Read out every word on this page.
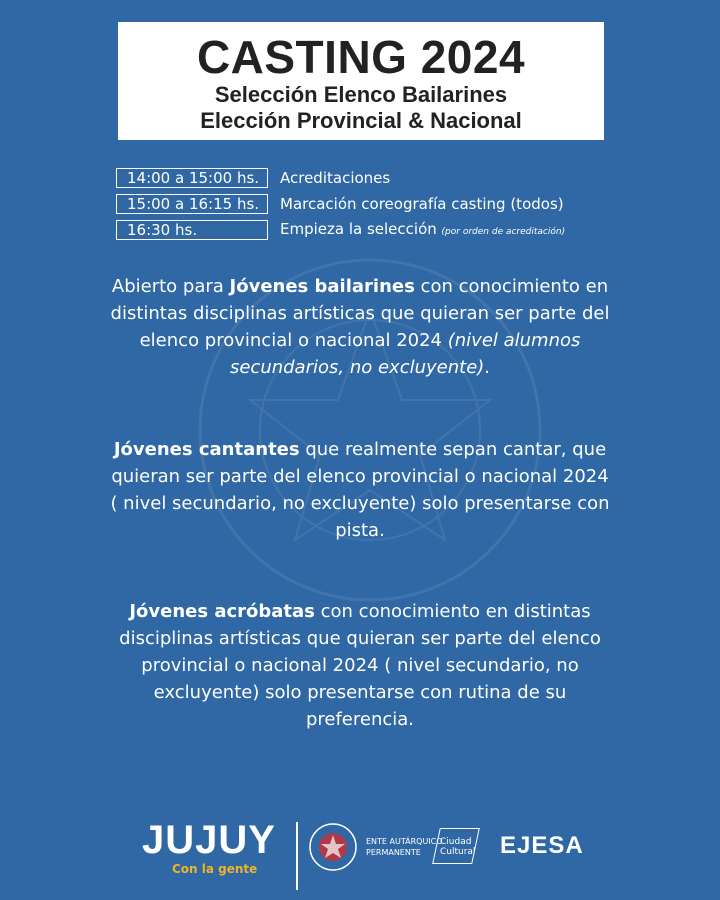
CASTING 2024
Selección Elenco Bailarines
Elección Provincial & Nacional
14:00 a 15:00 hs.	Acreditaciones
15:00 a 16:15 hs.	Marcación coreografía casting (todos)
16:30 hs.	Empieza la selección (por orden de acreditación)
Abierto para Jóvenes bailarines con conocimiento en distintas disciplinas artísticas que quieran ser parte del elenco provincial o nacional 2024 (nivel alumnos secundarios, no excluyente).
Jóvenes cantantes que realmente sepan cantar, que quieran ser parte del elenco provincial o nacional 2024 ( nivel secundario, no excluyente) solo presentarse con pista.
Jóvenes acróbatas con conocimiento en distintas disciplinas artísticas que quieran ser parte del elenco provincial o nacional 2024 ( nivel secundario, no excluyente) solo presentarse con rutina de su preferencia.
JUJUY
Con la gente
ENTE AUTÁRQUICO
PERMANENTE
Ciudad
Cultural EJESA
